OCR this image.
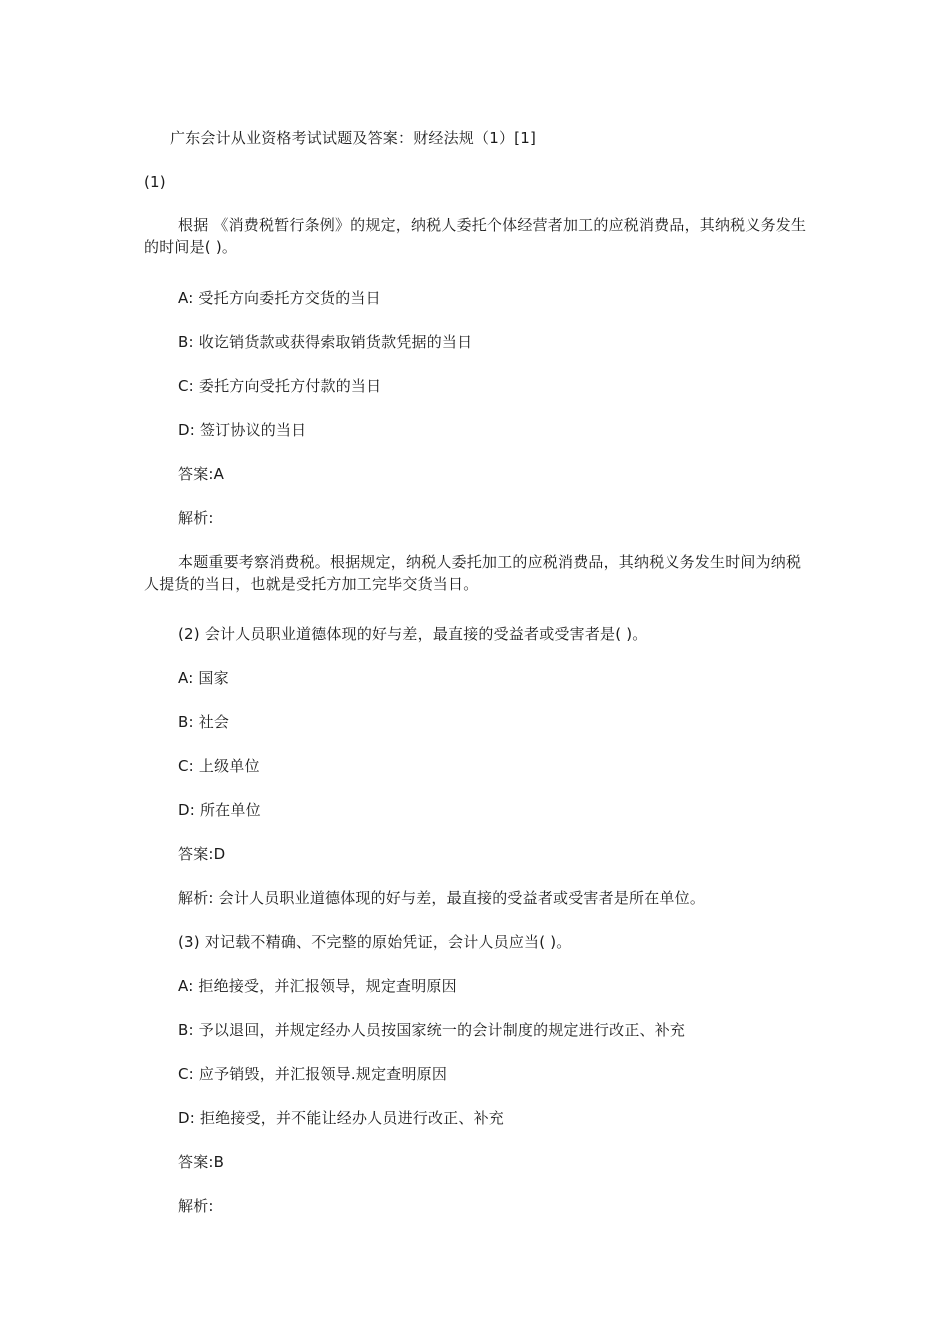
广东会计从业资格考试试题及答案：财经法规（1）[1]
(1)
根据 《消费税暂行条例》的规定，纳税人委托个体经营者加工的应税消费品，其纳税义务发生的时间是( )。
A: 受托方向委托方交货的当日
B: 收讫销货款或获得索取销货款凭据的当日
C: 委托方向受托方付款的当日
D: 签订协议的当日
答案:A
解析:
本题重要考察消费税。根据规定，纳税人委托加工的应税消费品，其纳税义务发生时间为纳税人提货的当日，也就是受托方加工完毕交货当日。
(2) 会计人员职业道德体现的好与差，最直接的受益者或受害者是( )。
A: 国家
B: 社会
C: 上级单位
D: 所在单位
答案:D
解析: 会计人员职业道德体现的好与差，最直接的受益者或受害者是所在单位。
(3) 对记载不精确、不完整的原始凭证，会计人员应当( )。
A: 拒绝接受，并汇报领导，规定查明原因
B: 予以退回，并规定经办人员按国家统一的会计制度的规定进行改正、补充
C: 应予销毁，并汇报领导.规定查明原因
D: 拒绝接受，并不能让经办人员进行改正、补充
答案:B
解析:
